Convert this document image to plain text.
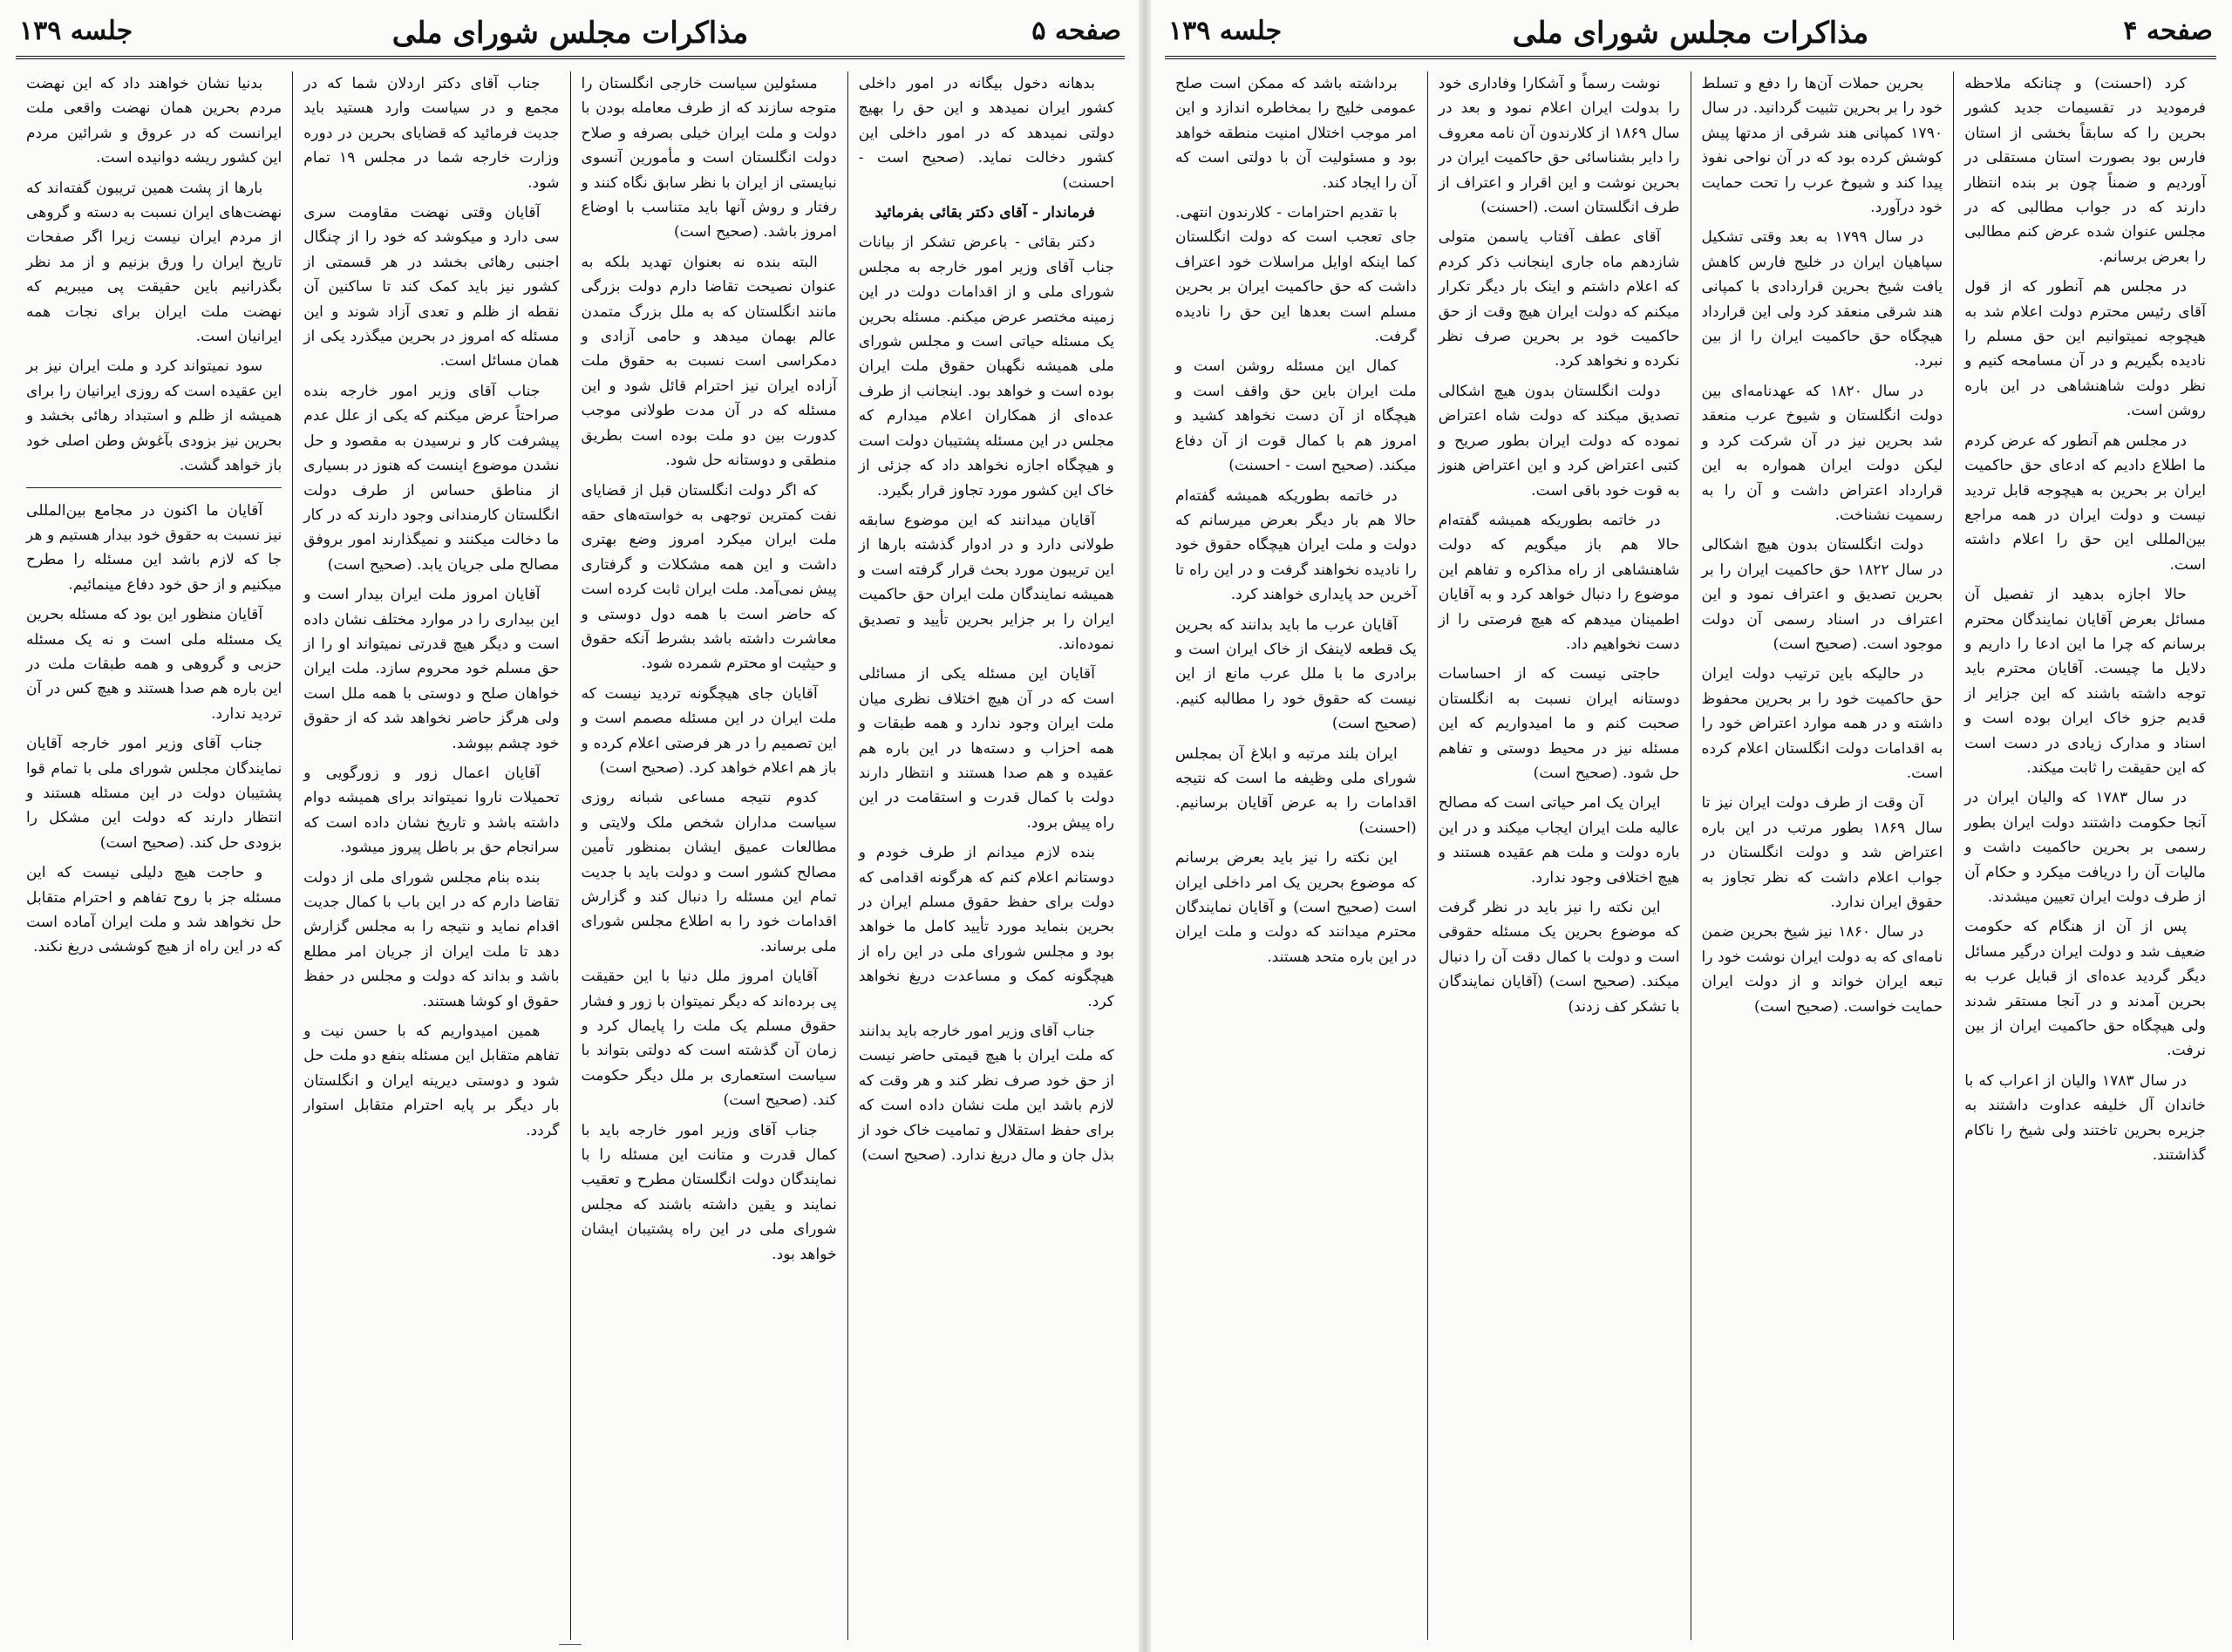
صفحه ۵
مذاکرات مجلس شورای ملی
جلسه ۱۳۹

بدهانه دخول بیگانه در امور داخلی کشور ایران نمیدهد و این حق را بهیچ دولتی نمیدهد که در امور داخلی این کشور دخالت نماید. (صحیح است - احسنت)

فرماندار - آقای دکتر بقائی بفرمائید

دکتر بقائی - باعرض تشکر از بیانات جناب آقای وزیر امور خارجه به مجلس شورای ملی و از اقدامات دولت در این زمینه مختصر عرض میکنم. مسئله بحرین یک مسئله حیاتی است و مجلس شورای ملی همیشه نگهبان حقوق ملت ایران بوده است و خواهد بود. اینجانب از طرف عده‌ای از همکاران اعلام میدارم که مجلس در این مسئله پشتیبان دولت است و هیچگاه اجازه نخواهد داد که جزئی از خاک این کشور مورد تجاوز قرار بگیرد.

آقایان میدانند که این موضوع سابقه طولانی دارد و در ادوار گذشته بارها از این تریبون مورد بحث قرار گرفته است و همیشه نمایندگان ملت ایران حق حاکمیت ایران را بر جزایر بحرین تأیید و تصدیق نموده‌اند.

آقایان این مسئله یکی از مسائلی است که در آن هیچ اختلاف نظری میان ملت ایران وجود ندارد و همه طبقات و همه احزاب و دسته‌ها در این باره هم عقیده و هم صدا هستند و انتظار دارند دولت با کمال قدرت و استقامت در این راه پیش برود.

بنده لازم میدانم از طرف خودم و دوستانم اعلام کنم که هرگونه اقدامی که دولت برای حفظ حقوق مسلم ایران در بحرین بنماید مورد تأیید کامل ما خواهد بود و مجلس شورای ملی در این راه از هیچگونه کمک و مساعدت دریغ نخواهد کرد.

جناب آقای وزیر امور خارجه باید بدانند که ملت ایران با هیچ قیمتی حاضر نیست از حق خود صرف نظر کند و هر وقت که لازم باشد این ملت نشان داده است که برای حفظ استقلال و تمامیت خاک خود از بذل جان و مال دریغ ندارد. (صحیح است)

مسئولین سیاست خارجی انگلستان را متوجه سازند که از طرف معامله بودن با دولت و ملت ایران خیلی بصرفه و صلاح دولت انگلستان است و مأمورین آنسوی نبایستی از ایران با نظر سابق نگاه کنند و رفتار و روش آنها باید متناسب با اوضاع امروز باشد. (صحیح است)

البته بنده نه بعنوان تهدید بلکه به عنوان نصیحت تقاضا دارم دولت بزرگی مانند انگلستان که به ملل بزرگ متمدن عالم بهمان میدهد و حامی آزادی و دمکراسی است نسبت به حقوق ملت آزاده ایران نیز احترام قائل شود و این مسئله که در آن مدت طولانی موجب کدورت بین دو ملت بوده است بطریق منطقی و دوستانه حل شود.

که اگر دولت انگلستان قبل از قضایای نفت کمترین توجهی به خواسته‌های حقه ملت ایران میکرد امروز وضع بهتری داشت و این همه مشکلات و گرفتاری پیش نمی‌آمد. ملت ایران ثابت کرده است که حاضر است با همه دول دوستی و معاشرت داشته باشد بشرط آنکه حقوق و حیثیت او محترم شمرده شود.

آقایان جای هیچگونه تردید نیست که ملت ایران در این مسئله مصمم است و این تصمیم را در هر فرصتی اعلام کرده و باز هم اعلام خواهد کرد. (صحیح است)

کدوم نتیجه مساعی شبانه روزی سیاست مداران شخص ملک ولایتی و مطالعات عمیق ایشان بمنظور تأمین مصالح کشور است و دولت باید با جدیت تمام این مسئله را دنبال کند و گزارش اقدامات خود را به اطلاع مجلس شورای ملی برساند.

آقایان امروز ملل دنیا با این حقیقت پی برده‌اند که دیگر نمیتوان با زور و فشار حقوق مسلم یک ملت را پایمال کرد و زمان آن گذشته است که دولتی بتواند با سیاست استعماری بر ملل دیگر حکومت کند. (صحیح است)

جناب آقای وزیر امور خارجه باید با کمال قدرت و متانت این مسئله را با نمایندگان دولت انگلستان مطرح و تعقیب نمایند و یقین داشته باشند که مجلس شورای ملی در این راه پشتیبان ایشان خواهد بود.

جناب آقای دکتر اردلان شما که در مجمع و در سیاست وارد هستید باید جدیت فرمائید که قضایای بحرین در دوره وزارت خارجه شما در مجلس ۱۹ تمام شود.

آقایان وقتی نهضت مقاومت سری سی دارد و میکوشد که خود را از چنگال اجنبی رهائی بخشد در هر قسمتی از کشور نیز باید کمک کند تا ساکنین آن نقطه از ظلم و تعدی آزاد شوند و این مسئله که امروز در بحرین میگذرد یکی از همان مسائل است.

جناب آقای وزیر امور خارجه بنده صراحتاً عرض میکنم که یکی از علل عدم پیشرفت کار و نرسیدن به مقصود و حل نشدن موضوع اینست که هنوز در بسیاری از مناطق حساس از طرف دولت انگلستان کارمندانی وجود دارند که در کار ما دخالت میکنند و نمیگذارند امور بروفق مصالح ملی جریان یابد. (صحیح است)

آقایان امروز ملت ایران بیدار است و این بیداری را در موارد مختلف نشان داده است و دیگر هیچ قدرتی نمیتواند او را از حق مسلم خود محروم سازد. ملت ایران خواهان صلح و دوستی با همه ملل است ولی هرگز حاضر نخواهد شد که از حقوق خود چشم بپوشد.

آقایان اعمال زور و زورگویی و تحمیلات ناروا نمیتواند برای همیشه دوام داشته باشد و تاریخ نشان داده است که سرانجام حق بر باطل پیروز میشود.

بنده بنام مجلس شورای ملی از دولت تقاضا دارم که در این باب با کمال جدیت اقدام نماید و نتیجه را به مجلس گزارش دهد تا ملت ایران از جریان امر مطلع باشد و بداند که دولت و مجلس در حفظ حقوق او کوشا هستند.

همین امیدواریم که با حسن نیت و تفاهم متقابل این مسئله بنفع دو ملت حل شود و دوستی دیرینه ایران و انگلستان بار دیگر بر پایه احترام متقابل استوار گردد.

بدنیا نشان خواهند داد که این نهضت مردم بحرین همان نهضت واقعی ملت ایرانست که در عروق و شرائین مردم این کشور ریشه دوانیده است.

بارها از پشت همین تریبون گفته‌اند که نهضت‌های ایران نسبت به دسته و گروهی از مردم ایران نیست زیرا اگر صفحات تاریخ ایران را ورق بزنیم و از مد نظر بگذرانیم باین حقیقت پی میبریم که نهضت ملت ایران برای نجات همه ایرانیان است.

سود نمیتواند کرد و ملت ایران نیز بر این عقیده است که روزی ایرانیان را برای همیشه از ظلم و استبداد رهائی بخشد و بحرین نیز بزودی بآغوش وطن اصلی خود باز خواهد گشت.

آقایان ما اکنون در مجامع بین‌المللی نیز نسبت به حقوق خود بیدار هستیم و هر جا که لازم باشد این مسئله را مطرح میکنیم و از حق خود دفاع مینمائیم.

آقایان منظور این بود که مسئله بحرین یک مسئله ملی است و نه یک مسئله حزبی و گروهی و همه طبقات ملت در این باره هم صدا هستند و هیچ کس در آن تردید ندارد.

جناب آقای وزیر امور خارجه آقایان نمایندگان مجلس شورای ملی با تمام قوا پشتیبان دولت در این مسئله هستند و انتظار دارند که دولت این مشکل را بزودی حل کند. (صحیح است)

و حاجت هیچ دلیلی نیست که این مسئله جز با روح تفاهم و احترام متقابل حل نخواهد شد و ملت ایران آماده است که در این راه از هیچ کوششی دریغ نکند.

صفحه ۴
مذاکرات مجلس شورای ملی
جلسه ۱۳۹

کرد (احسنت) و چنانکه ملاحظه فرمودید در تقسیمات جدید کشور بحرین را که سابقاً بخشی از استان فارس بود بصورت استان مستقلی در آوردیم و ضمناً چون بر بنده انتظار دارند که در جواب مطالبی که در مجلس عنوان شده عرض کنم مطالبی را بعرض برسانم.

در مجلس هم آنطور که از قول آقای رئیس محترم دولت اعلام شد به هیچوجه نمیتوانیم این حق مسلم را نادیده بگیریم و در آن مسامحه کنیم و نظر دولت شاهنشاهی در این باره روشن است.

در مجلس هم آنطور که عرض کردم ما اطلاع دادیم که ادعای حق حاکمیت ایران بر بحرین به هیچوجه قابل تردید نیست و دولت ایران در همه مراجع بین‌المللی این حق را اعلام داشته است.

حالا اجازه بدهید از تفصیل آن مسائل بعرض آقایان نمایندگان محترم برسانم که چرا ما این ادعا را داریم و دلایل ما چیست. آقایان محترم باید توجه داشته باشند که این جزایر از قدیم جزو خاک ایران بوده است و اسناد و مدارک زیادی در دست است که این حقیقت را ثابت میکند.

در سال ۱۷۸۳ که والیان ایران در آنجا حکومت داشتند دولت ایران بطور رسمی بر بحرین حاکمیت داشت و مالیات آن را دریافت میکرد و حکام آن از طرف دولت ایران تعیین میشدند.

پس از آن از هنگام که حکومت ضعیف شد و دولت ایران درگیر مسائل دیگر گردید عده‌ای از قبایل عرب به بحرین آمدند و در آنجا مستقر شدند ولی هیچگاه حق حاکمیت ایران از بین نرفت.

در سال ۱۷۸۳ والیان از اعراب که با خاندان آل خلیفه عداوت داشتند به جزیره بحرین تاختند ولی شیخ را ناکام گذاشتند.

بحرین حملات آن‌ها را دفع و تسلط خود را بر بحرین تثبیت گردانید. در سال ۱۷۹۰ کمپانی هند شرقی از مدتها پیش کوشش کرده بود که در آن نواحی نفوذ پیدا کند و شیوخ عرب را تحت حمایت خود درآورد.

در سال ۱۷۹۹ به بعد وقتی تشکیل سپاهیان ایران در خلیج فارس کاهش یافت شیخ بحرین قراردادی با کمپانی هند شرقی منعقد کرد ولی این قرارداد هیچگاه حق حاکمیت ایران را از بین نبرد.

در سال ۱۸۲۰ که عهدنامه‌ای بین دولت انگلستان و شیوخ عرب منعقد شد بحرین نیز در آن شرکت کرد و لیکن دولت ایران همواره به این قرارداد اعتراض داشت و آن را به رسمیت نشناخت.

دولت انگلستان بدون هیچ اشکالی در سال ۱۸۲۲ حق حاکمیت ایران را بر بحرین تصدیق و اعتراف نمود و این اعتراف در اسناد رسمی آن دولت موجود است. (صحیح است)

در حالیکه باین ترتیب دولت ایران حق حاکمیت خود را بر بحرین محفوظ داشته و در همه موارد اعتراض خود را به اقدامات دولت انگلستان اعلام کرده است.

آن وقت از طرف دولت ایران نیز تا سال ۱۸۶۹ بطور مرتب در این باره اعتراض شد و دولت انگلستان در جواب اعلام داشت که نظر تجاوز به حقوق ایران ندارد.

در سال ۱۸۶۰ نیز شیخ بحرین ضمن نامه‌ای که به دولت ایران نوشت خود را تبعه ایران خواند و از دولت ایران حمایت خواست. (صحیح است)

نوشت رسماً و آشکارا وفاداری خود را بدولت ایران اعلام نمود و بعد در سال ۱۸۶۹ از کلارندون آن نامه معروف را دایر بشناسائی حق حاکمیت ایران در بحرین نوشت و این اقرار و اعتراف از طرف انگلستان است. (احسنت)

آقای عطف آفتاب یاسمن متولی شازدهم ماه جاری اینجانب ذکر کردم که اعلام داشتم و اینک بار دیگر تکرار میکنم که دولت ایران هیچ وقت از حق حاکمیت خود بر بحرین صرف نظر نکرده و نخواهد کرد.

دولت انگلستان بدون هیچ اشکالی تصدیق میکند که دولت شاه اعتراض نموده که دولت ایران بطور صریح و کتبی اعتراض کرد و این اعتراض هنوز به قوت خود باقی است.

در خاتمه بطوریکه همیشه گفته‌ام حالا هم باز میگویم که دولت شاهنشاهی از راه مذاکره و تفاهم این موضوع را دنبال خواهد کرد و به آقایان اطمینان میدهم که هیچ فرصتی را از دست نخواهیم داد.

حاجتی نیست که از احساسات دوستانه ایران نسبت به انگلستان صحبت کنم و ما امیدواریم که این مسئله نیز در محیط دوستی و تفاهم حل شود. (صحیح است)

ایران یک امر حیاتی است که مصالح عالیه ملت ایران ایجاب میکند و در این باره دولت و ملت هم عقیده هستند و هیچ اختلافی وجود ندارد.

این نکته را نیز باید در نظر گرفت که موضوع بحرین یک مسئله حقوقی است و دولت با کمال دقت آن را دنبال میکند. (صحیح است) (آقایان نمایندگان با تشکر کف زدند)

برداشته باشد که ممکن است صلح عمومی خلیج را بمخاطره اندازد و این امر موجب اختلال امنیت منطقه خواهد بود و مسئولیت آن با دولتی است که آن را ایجاد کند.

با تقدیم احترامات - کلارندون انتهی. جای تعجب است که دولت انگلستان کما اینکه اوایل مراسلات خود اعتراف داشت که حق حاکمیت ایران بر بحرین مسلم است بعدها این حق را نادیده گرفت.

کمال این مسئله روشن است و ملت ایران باین حق واقف است و هیچگاه از آن دست نخواهد کشید و امروز هم با کمال قوت از آن دفاع میکند. (صحیح است - احسنت)

در خاتمه بطوریکه همیشه گفته‌ام حالا هم بار دیگر بعرض میرسانم که دولت و ملت ایران هیچگاه حقوق خود را نادیده نخواهند گرفت و در این راه تا آخرین حد پایداری خواهند کرد.

آقایان عرب ما باید بدانند که بحرین یک قطعه لاینفک از خاک ایران است و برادری ما با ملل عرب مانع از این نیست که حقوق خود را مطالبه کنیم. (صحیح است)

ایران بلند مرتبه و ابلاغ آن بمجلس شورای ملی وظیفه ما است که نتیجه اقدامات را به عرض آقایان برسانیم. (احسنت)

این نکته را نیز باید بعرض برسانم که موضوع بحرین یک امر داخلی ایران است (صحیح است) و آقایان نمایندگان محترم میدانند که دولت و ملت ایران در این باره متحد هستند.
